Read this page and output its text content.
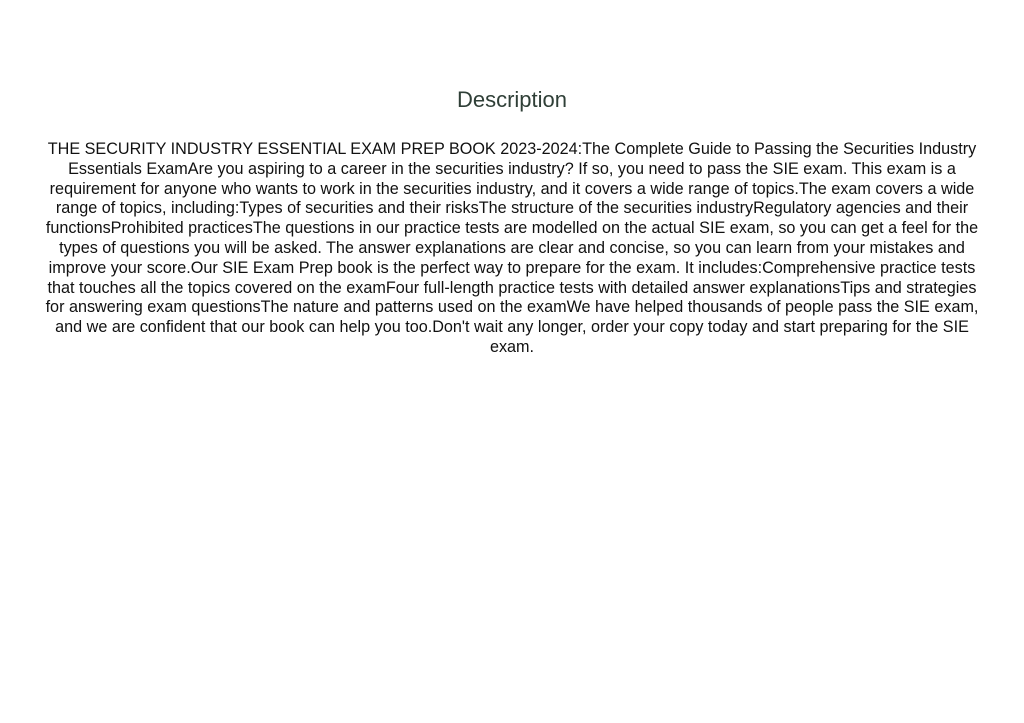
Description

THE SECURITY INDUSTRY ESSENTIAL EXAM PREP BOOK 2023-2024:The Complete Guide to Passing the Securities Industry Essentials ExamAre you aspiring to a career in the securities industry? If so, you need to pass the SIE exam. This exam is a requirement for anyone who wants to work in the securities industry, and it covers a wide range of topics.The exam covers a wide range of topics, including:Types of securities and their risksThe structure of the securities industryRegulatory agencies and their functionsProhibited practicesThe questions in our practice tests are modelled on the actual SIE exam, so you can get a feel for the types of questions you will be asked. The answer explanations are clear and concise, so you can learn from your mistakes and improve your score.Our SIE Exam Prep book is the perfect way to prepare for the exam. It includes:Comprehensive practice tests that touches all the topics covered on the examFour full-length practice tests with detailed answer explanationsTips and strategies for answering exam questionsThe nature and patterns used on the examWe have helped thousands of people pass the SIE exam, and we are confident that our book can help you too.Don't wait any longer, order your copy today and start preparing for the SIE exam.
